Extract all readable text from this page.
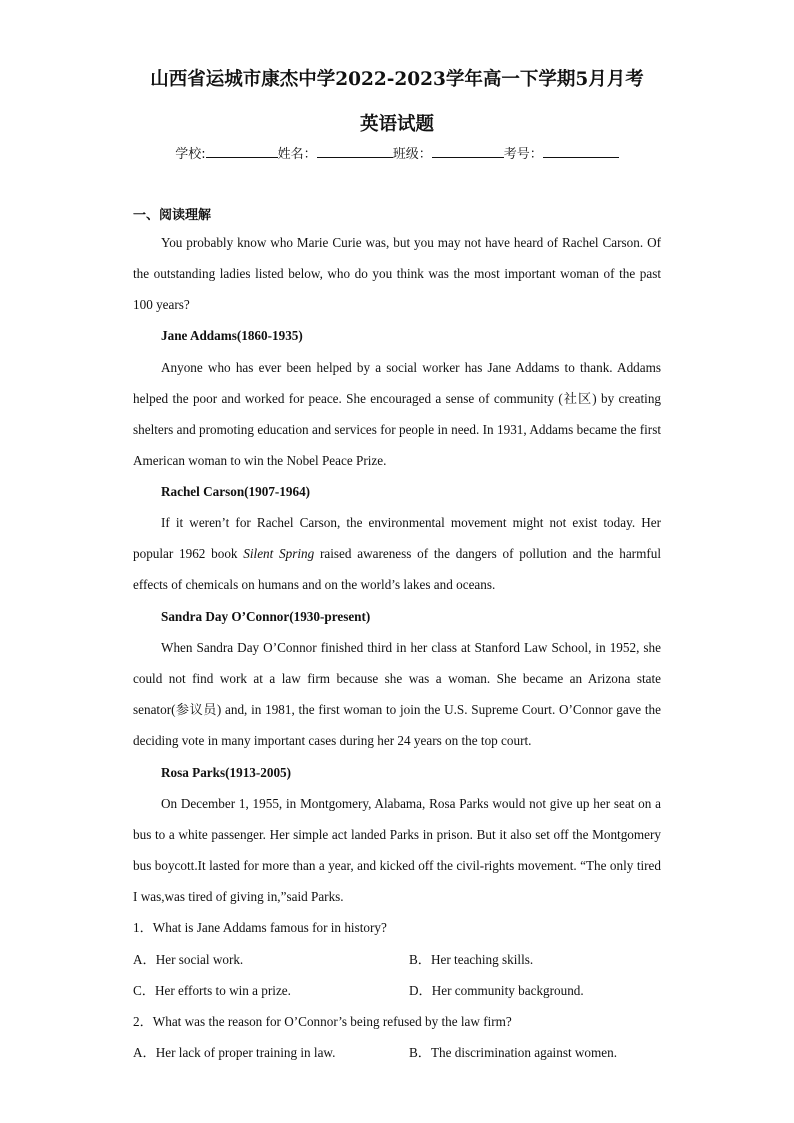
山西省运城市康杰中学2022-2023学年高一下学期5月月考
英语试题
学校:	姓名：	班级：	考号：
一、阅读理解

You probably know who Marie Curie was, but you may not have heard of Rachel Carson. Of the outstanding ladies listed below, who do you think was the most important woman of the past 100 years?

Jane Addams(1860-1935)

Anyone who has ever been helped by a social worker has Jane Addams to thank. Addams helped the poor and worked for peace. She encouraged a sense of community (社区) by creating shelters and promoting education and services for people in need. In 1931, Addams became the first American woman to win the Nobel Peace Prize.

Rachel Carson(1907-1964)

If it weren’t for Rachel Carson, the environmental movement might not exist today. Her popular 1962 book Silent Spring raised awareness of the dangers of pollution and the harmful effects of chemicals on humans and on the world’s lakes and oceans.

Sandra Day O’Connor(1930-present)

When Sandra Day O’Connor finished third in her class at Stanford Law School, in 1952, she could not find work at a law firm because she was a woman. She became an Arizona state senator(参议员) and, in 1981, the first woman to join the U.S. Supreme Court. O’Connor gave the deciding vote in many important cases during her 24 years on the top court.

Rosa Parks(1913-2005)

On December 1, 1955, in Montgomery, Alabama, Rosa Parks would not give up her seat on a bus to a white passenger. Her simple act landed Parks in prison. But it also set off the Montgomery bus boycott.It lasted for more than a year, and kicked off the civil-rights movement. “The only tired I was,was tired of giving in,”said Parks.

1．What is Jane Addams famous for in history?
A．Her social work.	B．Her teaching skills.
C．Her efforts to win a prize.	D．Her community background.
2．What was the reason for O’Connor’s being refused by the law firm?
A．Her lack of proper training in law.	B．The discrimination against women.
